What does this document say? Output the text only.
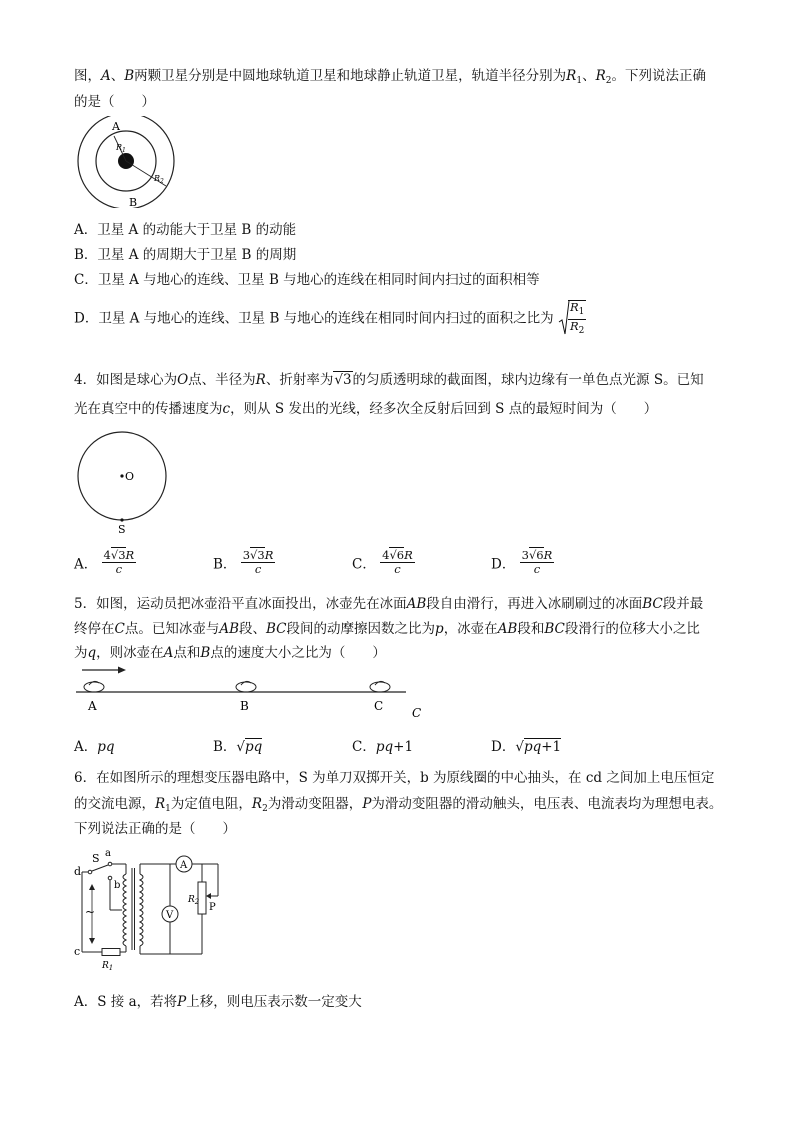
图，A、B两颗卫星分别是中圆地球轨道卫星和地球静止轨道卫星，轨道半径分别为$R_1$、$R_2$。下列说法正确
的是（　　）
A
B
$R_1$
$R_2$
A．卫星 A 的动能大于卫星 B 的动能
B．卫星 A 的周期大于卫星 B 的周期
C．卫星 A 与地心的连线、卫星 B 与地心的连线在相同时间内扫过的面积相等
D．卫星 A 与地心的连线、卫星 B 与地心的连线在相同时间内扫过的面积之比为 $\frac{R_1}{R_2}$
4．如图是球心为O点、半径为R、折射率为√3的匀质透明球的截面图，球内边缘有一单色点光源 S。已知
光在真空中的传播速度为c，则从 S 发出的光线，经多次全反射后回到 S 点的最短时间为（　　）
O
S
A． $\frac{4√3R}{c}$	B． $\frac{3√3R}{c}$	C． $\frac{4√6R}{c}$	D． $\frac{3√6R}{c}$
5．如图，运动员把冰壶沿平直冰面投出，冰壶先在冰面AB段自由滑行，再进入冰刷刷过的冰面BC段并最
终停在C点。已知冰壶与AB段、BC段间的动摩擦因数之比为p，冰壶在AB段和BC段滑行的位移大小之比
为q，则冰壶在A点和B点的速度大小之比为（　　）
A	B	C C
A．pq	B．√pq	C．pq+1	D．√pq+1
6．在如图所示的理想变压器电路中，S 为单刀双掷开关，b 为原线圈的中心抽头，在 cd 之间加上电压恒定
的交流电源，$R_1$为定值电阻，$R_2$为滑动变阻器，P为滑动变阻器的滑动触头，电压表、电流表均为理想电表。
下列说法正确的是（　　）
~
d
c
S a
b
$R_1$
A
V
$R_2$ P
A．S 接 a，若将P上移，则电压表示数一定变大
